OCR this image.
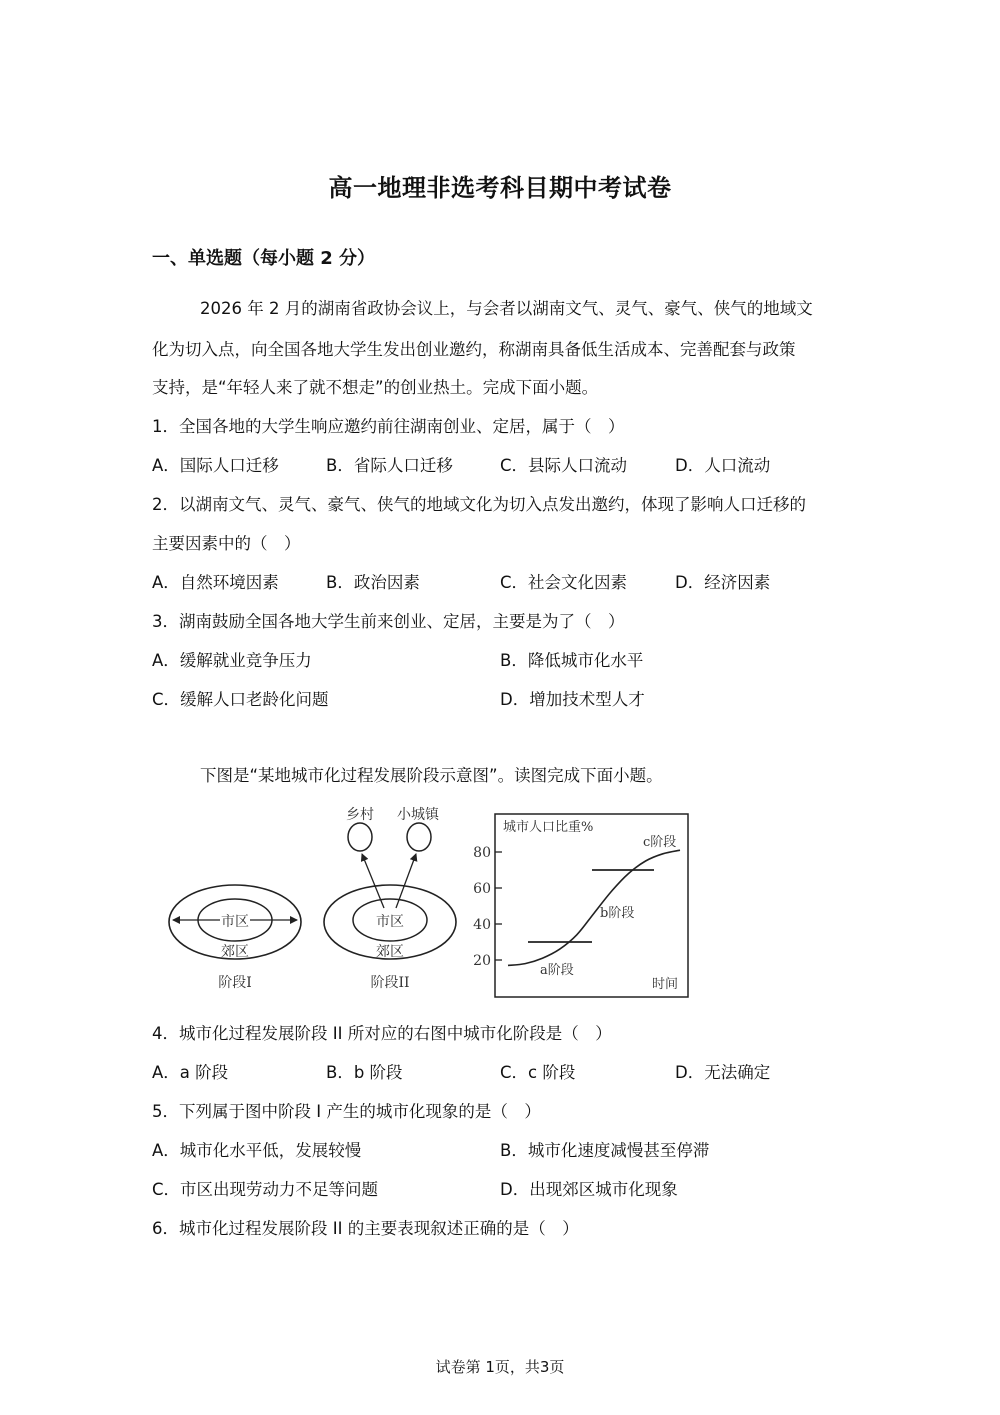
高一地理非选考科目期中考试卷
一、单选题（每小题 2 分）
2026 年 2 月的湖南省政协会议上，与会者以湖南文气、灵气、豪气、侠气的地域文
化为切入点，向全国各地大学生发出创业邀约，称湖南具备低生活成本、完善配套与政策
支持，是“年轻人来了就不想走”的创业热土。完成下面小题。
1．全国各地的大学生响应邀约前往湖南创业、定居，属于（　）
A．国际人口迁移	B．省际人口迁移	C．县际人口流动	D．人口流动
2．以湖南文气、灵气、豪气、侠气的地域文化为切入点发出邀约，体现了影响人口迁移的
主要因素中的（　）
A．自然环境因素	B．政治因素	C．社会文化因素	D．经济因素
3．湖南鼓励全国各地大学生前来创业、定居，主要是为了（　）
A．缓解就业竞争压力	B．降低城市化水平
C．缓解人口老龄化问题	D．增加技术型人才
下图是“某地城市化过程发展阶段示意图”。读图完成下面小题。
市区
郊区
阶段I
乡村 小城镇
市区
郊区
阶段II
城市人口比重%
时间
20
40
60
80
a阶段
b阶段
c阶段
4．城市化过程发展阶段 II 所对应的右图中城市化阶段是（　）
A．a 阶段	B．b 阶段	C．c 阶段	D．无法确定
5．下列属于图中阶段 I 产生的城市化现象的是（　）
A．城市化水平低，发展较慢	B．城市化速度减慢甚至停滞
C．市区出现劳动力不足等问题	D．出现郊区城市化现象
6．城市化过程发展阶段 II 的主要表现叙述正确的是（　）
试卷第 1页，共3页
